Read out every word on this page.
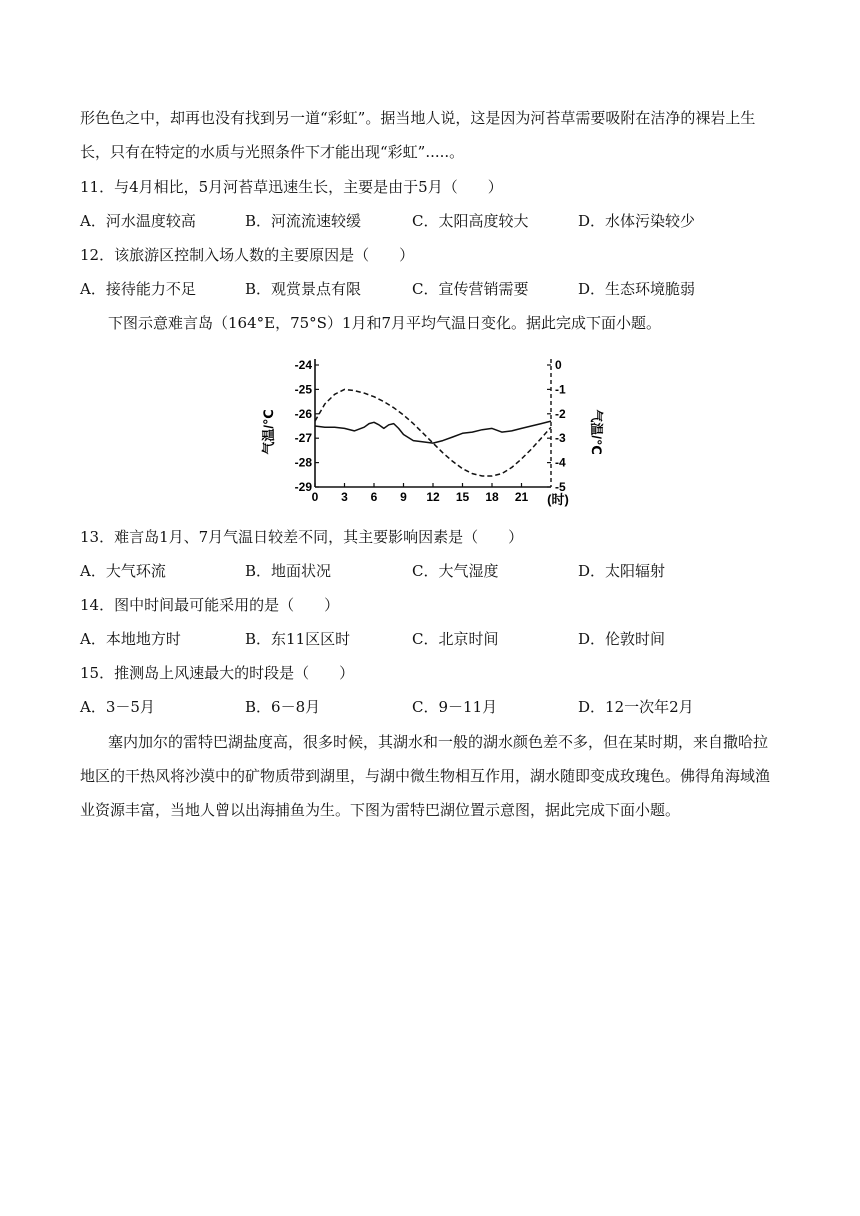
形色色之中，却再也没有找到另一道“彩虹”。据当地人说，这是因为河苔草需要吸附在洁净的裸岩上生
长，只有在特定的水质与光照条件下才能出现“彩虹”.....。
11．与4月相比，5月河苔草迅速生长，主要是由于5月（　　）
A．河水温度较高	B．河流流速较缓	C．太阳高度较大	D．水体污染较少
12．该旅游区控制入场人数的主要原因是（　　）
A．接待能力不足	B．观赏景点有限	C．宣传营销需要	D．生态环境脆弱
下图示意难言岛（164°E，75°S）1月和7月平均气温日变化。据此完成下面小题。
-24
-25
-26
-27
-28
-29
0
-1
-2
-3
-4
-5
0 3 6 9 12 15 18 21
气温/℃	气温/℃
(时)
13．难言岛1月、7月气温日较差不同，其主要影响因素是（　　）
A．大气环流	B．地面状况	C．大气湿度	D．太阳辐射
14．图中时间最可能采用的是（　　）
A．本地地方时	B．东11区区时	C．北京时间	D．伦敦时间
15．推测岛上风速最大的时段是（　　）
A．3－5月	B．6－8月	C．9－11月	D．12一次年2月
塞内加尔的雷特巴湖盐度高，很多时候，其湖水和一般的湖水颜色差不多，但在某时期，来自撒哈拉
地区的干热风将沙漠中的矿物质带到湖里，与湖中微生物相互作用，湖水随即变成玫瑰色。佛得角海域渔
业资源丰富，当地人曾以出海捕鱼为生。下图为雷特巴湖位置示意图，据此完成下面小题。
